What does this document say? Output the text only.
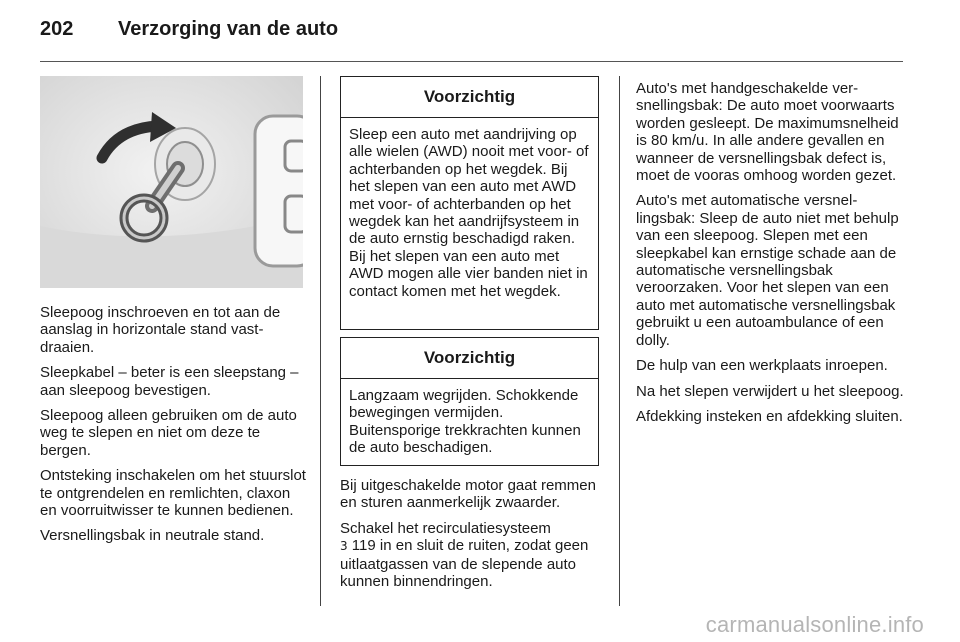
202	Verzorging van de auto

Sleepoog inschroeven en tot aan de aanslag in horizontale stand vastdraaien.

Sleepkabel – beter is een sleepstang – aan sleepoog bevestigen.

Sleepoog alleen gebruiken om de auto weg te slepen en niet om deze te bergen.

Ontsteking inschakelen om het stuurslot te ontgrendelen en remlichten, claxon en voorruitwisser te kunnen bedienen.

Versnellingsbak in neutrale stand.

Voorzichtig
Sleep een auto met aandrijving op alle wielen (AWD) nooit met voor- of achterbanden op het wegdek. Bij het slepen van een auto met AWD met voor- of achterbanden op het wegdek kan het aandrijfsysteem in de auto ernstig beschadigd raken. Bij het slepen van een auto met AWD mogen alle vier banden niet in contact komen met het wegdek.
Voorzichtig
Langzaam wegrijden. Schokkende bewegingen vermijden. Buitensporige trekkrachten kunnen de auto beschadigen.

Bij uitgeschakelde motor gaat remmen en sturen aanmerkelijk zwaarder.

Schakel het recirculatiesysteem
3 119 in en sluit de ruiten, zodat geen uitlaatgassen van de slepende auto kunnen binnendringen.

Auto's met handgeschakelde versnellingsbak: De auto moet voorwaarts worden gesleept. De maximumsnelheid is 80 km/u. In alle andere gevallen en wanneer de versnellingsbak defect is, moet de vooras omhoog worden gezet.

Auto's met automatische versnellingsbak: Sleep de auto niet met behulp van een sleepoog. Slepen met een sleepkabel kan ernstige schade aan de automatische versnellingsbak veroorzaken. Voor het slepen van een auto met automatische versnellingsbak gebruikt u een autoambulance of een dolly.

De hulp van een werkplaats inroepen.

Na het slepen verwijdert u het sleepoog.

Afdekking insteken en afdekking sluiten.

carmanualsonline.info
